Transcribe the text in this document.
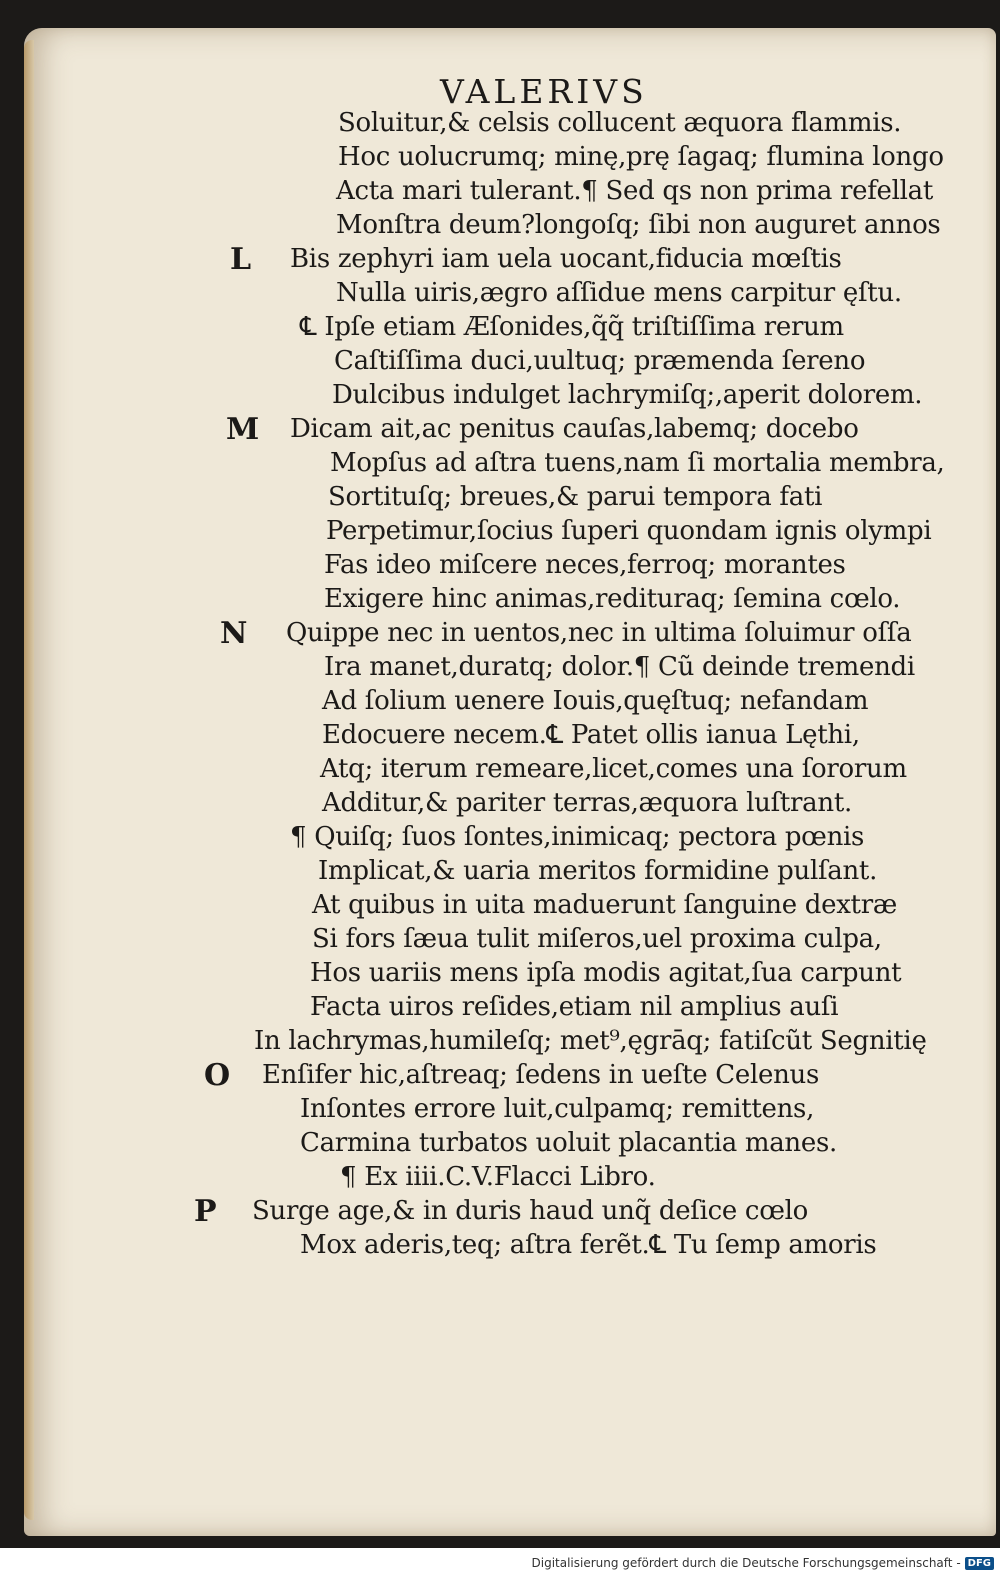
VALERIVS
Soluitur,& celsis collucent æquora flammis.
Hoc uolucrumq; minę,prę ſagaq; flumina longo
Acta mari tulerant.¶ Sed qs non prima refellat
Monſtra deum?longoſq; ſibi non auguret annos
L Bis zephyri iam uela uocant,fiducia mœſtis
Nulla uiris,ægro aſſidue mens carpitur ęſtu.
℄ Ipſe etiam Æſonides,q̃q̃ triſtiſſima rerum
Caſtiſſima duci,uultuq; præmenda ſereno
Dulcibus indulget lachrymiſq;,aperit dolorem.
M Dicam ait,ac penitus cauſas,labemq; docebo
Mopſus ad aſtra tuens,nam ſi mortalia membra,
Sortituſq; breues,& parui tempora fati
Perpetimur,ſocius ſuperi quondam ignis olympi
Fas ideo miſcere neces,ferroq; morantes
Exigere hinc animas,redituraq; ſemina cœlo.
N Quippe nec in uentos,nec in ultima ſoluimur oſſa
Ira manet,duratq; dolor.¶ Cũ deinde tremendi
Ad ſolium uenere Iouis,quęſtuq; nefandam
Edocuere necem.℄ Patet ollis ianua Lęthi,
Atq; iterum remeare,licet,comes una ſororum
Additur,& pariter terras,æquora luſtrant.
¶ Quiſq; ſuos ſontes,inimicaq; pectora pœnis
Implicat,& uaria meritos formidine pulſant.
At quibus in uita maduerunt ſanguine dextræ
Si fors ſæua tulit miſeros,uel proxima culpa,
Hos uariis mens ipſa modis agitat,ſua carpunt
Facta uiros reſides,etiam nil amplius auſi
In lachrymas,humileſq; met⁹,ęgrāq; fatiſcũt Segnitię
O Enſifer hic,aſtreaq; ſedens in ueſte Celenus
Inſontes errore luit,culpamq; remittens,
Carmina turbatos uoluit placantia manes.
¶ Ex iiii.C.V.Flacci Libro.
P Surge age,& in duris haud unq̃ deſice cœlo
Mox aderis,teq; aſtra ferẽt.℄ Tu ſemp amoris
Digitalisierung gefördert durch die Deutsche Forschungsgemeinschaft - DFG
